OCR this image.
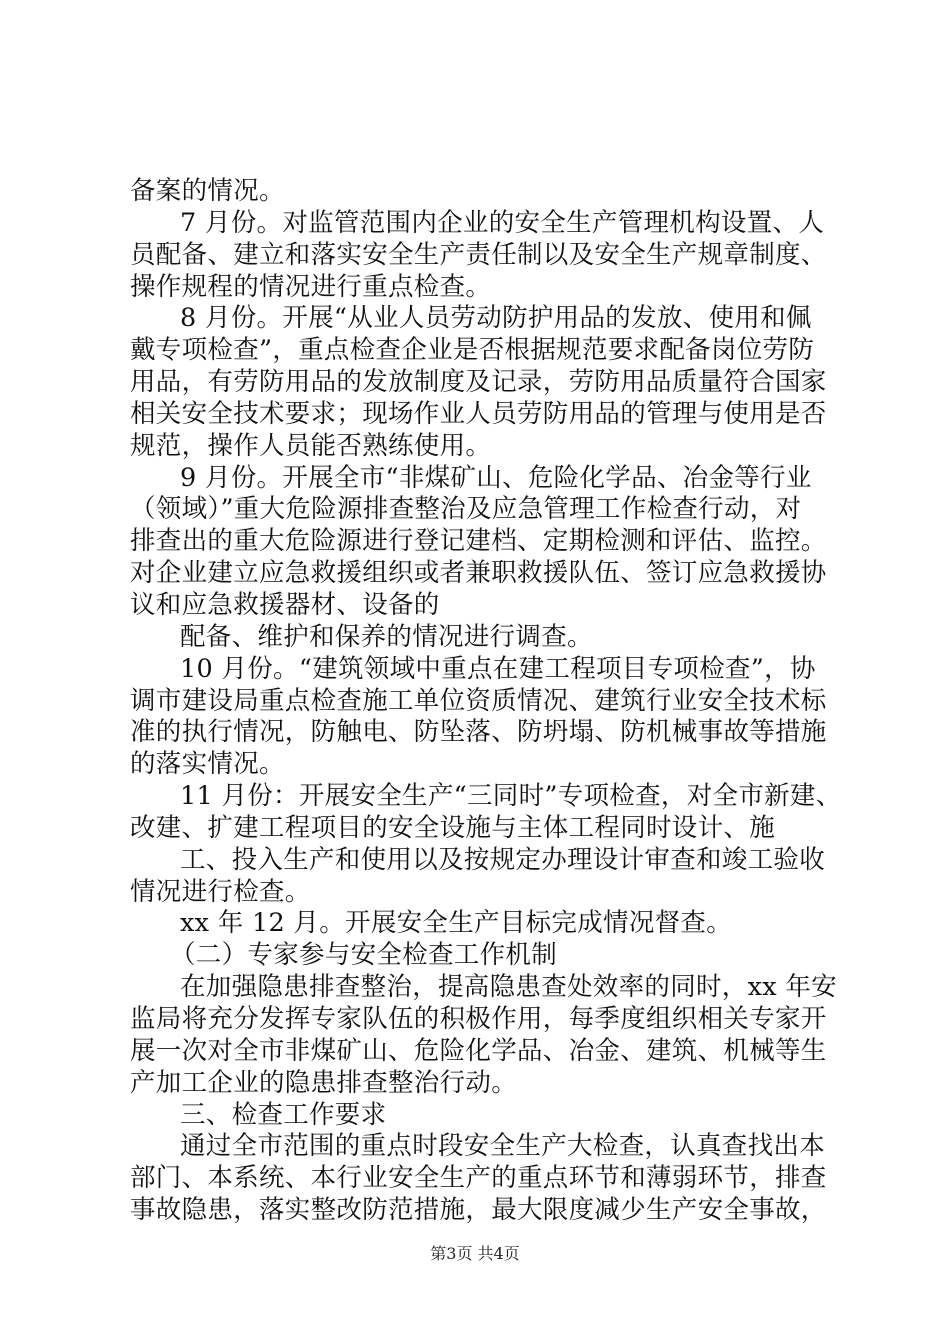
备案的情况。
7 月份。对监管范围内企业的安全生产管理机构设置、人
员配备、建立和落实安全生产责任制以及安全生产规章制度、
操作规程的情况进行重点检查。
8 月份。开展“从业人员劳动防护用品的发放、使用和佩
戴专项检查”，重点检查企业是否根据规范要求配备岗位劳防
用品，有劳防用品的发放制度及记录，劳防用品质量符合国家
相关安全技术要求；现场作业人员劳防用品的管理与使用是否
规范，操作人员能否熟练使用。
9 月份。开展全市“非煤矿山、危险化学品、冶金等行业
（领域）”重大危险源排查整治及应急管理工作检查行动，对
排查出的重大危险源进行登记建档、定期检测和评估、监控。
对企业建立应急救援组织或者兼职救援队伍、签订应急救援协
议和应急救援器材、设备的
配备、维护和保养的情况进行调查。
10 月份。“建筑领域中重点在建工程项目专项检查”，协
调市建设局重点检查施工单位资质情况、建筑行业安全技术标
准的执行情况，防触电、防坠落、防坍塌、防机械事故等措施
的落实情况。
11 月份：开展安全生产“三同时”专项检查，对全市新建、
改建、扩建工程项目的安全设施与主体工程同时设计、施
工、投入生产和使用以及按规定办理设计审查和竣工验收
情况进行检查。
xx 年 12 月。开展安全生产目标完成情况督查。
（二）专家参与安全检查工作机制
在加强隐患排查整治，提高隐患查处效率的同时，xx 年安
监局将充分发挥专家队伍的积极作用，每季度组织相关专家开
展一次对全市非煤矿山、危险化学品、冶金、建筑、机械等生
产加工企业的隐患排查整治行动。
三、检查工作要求
通过全市范围的重点时段安全生产大检查，认真查找出本
部门、本系统、本行业安全生产的重点环节和薄弱环节，排查
事故隐患，落实整改防范措施，最大限度减少生产安全事故，
第3页 共4页
